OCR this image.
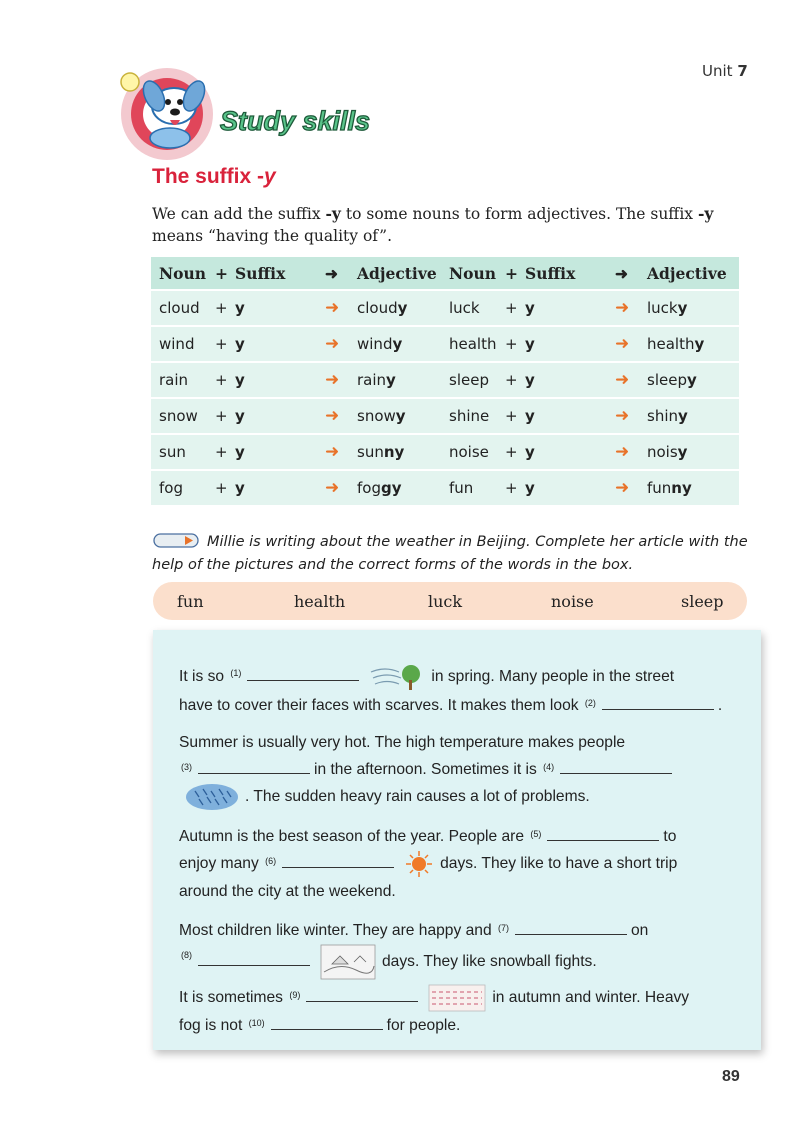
Unit 7
Study skills
The suffix -y
We can add the suffix -y to some nouns to form adjectives. The suffix -y means “having the quality of”.
Noun	+	Suffix	➜	Adjective
cloud	+	y	➜	cloudy
wind	+	y	➜	windy
rain	+	y	➜	rainy
snow	+	y	➜	snowy
sun	+	y	➜	sunny
fog	+	y	➜	foggy
Noun	+	Suffix	➜	Adjective
luck	+	y	➜	lucky
health	+	y	➜	healthy
sleep	+	y	➜	sleepy
shine	+	y	➜	shiny
noise	+	y	➜	noisy
fun	+	y	➜	funny
Millie is writing about the weather in Beijing. Complete her article with the help of the pictures and the correct forms of the words in the box.
fun	health	luck	noise	sleep
It is so $^{(1)}$	in spring. Many people in the street
have to cover their faces with scarves. It makes them look $^{(2)}$	.
Summer is usually very hot. The high temperature makes people
$^{(3)}$	in the afternoon. Sometimes it is $^{(4)}$
. The sudden heavy rain causes a lot of problems.
Autumn is the best season of the year. People are $^{(5)}$	to
enjoy many $^{(6)}$	days. They like to have a short trip
around the city at the weekend.
Most children like winter. They are happy and $^{(7)}$	on
$^{(8)}$	days. They like snowball fights.
It is sometimes $^{(9)}$	in autumn and winter. Heavy
fog is not $^{(10)}$	for people.
89
